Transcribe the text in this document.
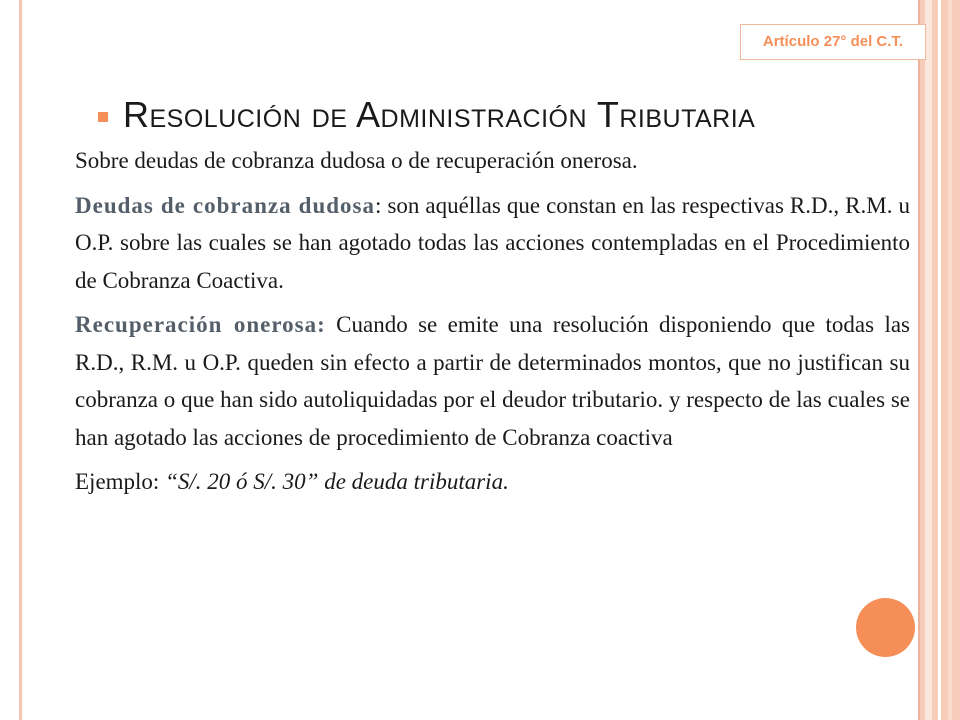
Artículo 27° del C.T.
Resolución de Administración Tributaria

Sobre deudas de cobranza dudosa o de recuperación onerosa.

Deudas de cobranza dudosa: son aquéllas que constan en las respectivas R.D., R.M. u O.P. sobre las cuales se han agotado todas las acciones contempladas en el Procedimiento de Cobranza Coactiva.

Recuperación onerosa: Cuando se emite una resolución disponiendo que todas las R.D., R.M. u O.P. queden sin efecto a partir de determinados montos, que no justifican su cobranza o que han sido autoliquidadas por el deudor tributario. y respecto de las cuales se han agotado las acciones de procedimiento de Cobranza coactiva

Ejemplo: “S/. 20 ó S/. 30” de deuda tributaria.
